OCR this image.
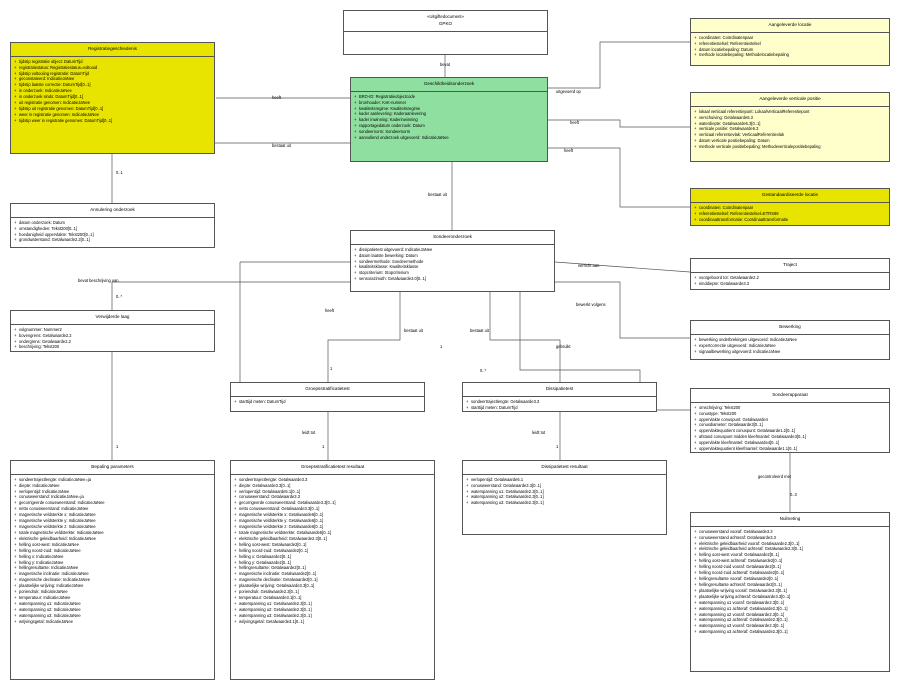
«Uitgiftedocument»
GPKO
Registratiegeschiedenis
+ tijdstip registratie object: DatumTijd
+ registratiestatus: Registratiestatus=voltooid
+ tijdstip voltooiing registratie: DatumTijd
+ geconstateerd: IndicatieJaNee
+ tijdstip laatste correctie: DatumTijd[0..1]
+ in onderzoek: IndicatieJaNee
+ in onderzoek sinds: DatumTijd[0..1]
+ uit registratie genomen: IndicatieJaNee
+ tijdstip uit registratie genomen: DatumTijd[0..1]
+ weer in registratie genomen: IndicatieJaNee
+ tijdstip weer in registratie genomen: DatumTijd[0..1]
Geschiktheidsonderzoek
+ BRO-ID: Registratieobjectcode
+ bronhouder: KvK-nummer
+ kwaliteitsregime: Kwaliteitsregime
+ kader aanlevering: Kaderaanlevering
+ kader inwinning: Kaderinwinning
+ rapportagedatum onderzoek: Datum
+ sondeernorm: Sondeernorm
+ aanvullend onderzoek uitgevoerd: IndicatieJaNee
Aangeleverde locatie
+ coordinaten: Coördinatenpaar
+ referentiestelsel: Referentiestelsel
+ datum locatiebepaling: Datum
+ methode locatiebepaling: Methodelocatiebepaling
Aangeleverde verticale positie
+ lokaal verticaal referentiepunt: LokaalVerticaalReferentiepunt
+ verschuiving: Getalwaarde6.3
+ waterdiepte: Getalwaarde6.3[0..1]
+ verticale positie: Getalwaarde6.3
+ verticaal referentievlak: VerticaalReferentievlak
+ datum verticale positiebepaling: Datum
+ methode verticale positiebepaling: Methodeverticalepositiebepaling
Gestandaardiseerde locatie
+ coordinaten: Coördinatenpaar
+ referentiestelsel: Referentiestelsel=ETRS89
+ coordinaattransformatie: Coördinaattransformatie
Annulering onderzoek
+ datum onderzoek: Datum
+ omstandigheden: Tekst200[0..1]
+ hoedanigheid oppervlakte: Tekst200[0..1]
+ grondwaterstand: Getalwaarde2.2[0..1]
Sondeeronderzoek
+ dissipatietest uitgevoerd: IndicatieJaNee
+ datum laatste bewerking: Datum
+ sondeermethode: Sondeermethode
+ kwaliteitsklasse: Kwaliteitsklasse
+ stopcriterium: Stopcriterium
+ sensorazimuth: Getalwaarde3.0[0..1]
Traject
+ voorgeboord tot: Getalwaarde2.2
+ einddiepte: Getalwaarde3.3
Bewerking
+ bewerking onderbrekingen uitgevoerd: IndicatieJaNee
+ expertcorrectie uitgevoerd: IndicatieJaNee
+ signaalbewerking uitgevoerd: IndicatieJaNee
Verwijderde laag
+ volgnummer: Nummer2
+ bovengrens: Getalwaarde2.2
+ ondergrens: Getalwaarde2.2
+ beschrijving: Tekst200
Groepsstratificatietest
+ starttijd meten: DatumTijd
Dissipatietest
+ sondeertrajectlengte: Getalwaarde3.3
+ starttijd meten: DatumTijd
Sondeerapparaat
+ omschrijving: Tekst200
+ conustype: Tekst200
+ oppervlakte conuspunt: Getalwaarde4
+ conusdiameter: Getalwaarde3[0..1]
+ oppervlaktequotient conuspunt: Getalwaarde1.2[0..1]
+ afstand conuspunt midden kleefmantel: Getalwaarde3[0..1]
+ oppervlakte kleefmantel: Getalwaarde4[0..1]
+ oppervlaktequotient kleefmantel: Getalwaarde1.1[0..1]
Bepaling parameters
+ sondeertrajectlengte: IndicatieJaNee=ja
+ diepte: IndicatieJaNee
+ verlopentijd: IndicatieJaNee
+ conusweerstand: IndicatieJaNee=ja
+ gecorrigeerde conusweerstand: IndicatieJaNee
+ netto conusweerstand: IndicatieJaNee
+ magnetische veldsterkte x: IndicatieJaNee
+ magnetische veldsterkte y: IndicatieJaNee
+ magnetische veldsterkte z: IndicatieJaNee
+ totale magnetische veldsterkte: IndicatieJaNee
+ elektrische geleidbaarheid: IndicatieJaNee
+ helling oost-west: IndicatieJaNee
+ helling noord-zuid: IndicatieJaNee
+ helling x: IndicatieJaNee
+ helling y: IndicatieJaNee
+ hellingresultante: IndicatieJaNee
+ magnetische inclinatie: IndicatieJaNee
+ magnetische declinatie: IndicatieJaNee
+ plaatselijke wrijving: IndicatieJaNee
+ poriendruk: IndicatieJaNee
+ temperatuur: IndicatieJaNee
+ waterspanning u1: IndicatieJaNee
+ waterspanning u2: IndicatieJaNee
+ waterspanning u3: IndicatieJaNee
+ wrijvingsgetal: IndicatieJaNee
Groepsstratificatietest resultaat
+ sondeertrajectlengte: Getalwaarde3.3
+ diepte: Getalwaarde3.3[0..1]
+ verlopentijd: Getalwaarde5.1[0..1]
+ conusweerstand: Getalwaarde3.3
+ gecorrigeerde conusweerstand: Getalwaarde3.3[0..1]
+ netto conusweerstand: Getalwaarde3.3[0..1]
+ magnetische veldsterkte x: Getalwaarde6[0..1]
+ magnetische veldsterkte y: Getalwaarde6[0..1]
+ magnetische veldsterkte z: Getalwaarde6[0..1]
+ totale magnetische veldsterkte: Getalwaarde6[0..1]
+ elektrische geleidbaarheid: Getalwaarde2.3[0..1]
+ helling oost-west: Getalwaarde2[0..1]
+ helling noord-zuid: Getalwaarde2[0..1]
+ helling x: Getalwaarde2[0..1]
+ helling y: Getalwaarde2[0..1]
+ hellingresultante: Getalwaarde2[0..1]
+ magnetische inclinatie: Getalwaarde2[0..1]
+ magnetische declinatie: Getalwaarde2[0..1]
+ plaatselijke wrijving: Getalwaarde3.3[0..1]
+ poriendruk: Getalwaarde2.3[0..1]
+ temperatuur: Getalwaarde3.1[0..1]
+ waterspanning u1: Getalwaarde2.3[0..1]
+ waterspanning u2: Getalwaarde2.3[0..1]
+ waterspanning u3: Getalwaarde2.3[0..1]
+ wrijvingsgetal: Getalwaarde3.1[0..1]
Dissipatietest resultaat
+ verlopentijd: Getalwaarde5.1
+ conusweerstand: Getalwaarde3.3[0..1]
+ waterspanning u1: Getalwaarde2.3[0..1]
+ waterspanning u2: Getalwaarde2.3[0..1]
+ waterspanning u3: Getalwaarde2.3[0..1]
Nulmeting
+ conusweerstand vooraf: Getalwaarde3.3
+ conusweerstand achteraf: Getalwaarde3.3
+ elektrische geleidbaarheid vooraf: Getalwaarde2.3[0..1]
+ elektrische geleidbaarheid achteraf: Getalwaarde2.3[0..1]
+ helling oost-west vooraf: Getalwaarde2[0..1]
+ helling oost-west achteraf: Getalwaarde2[0..1]
+ helling noord-zuid vooraf: Getalwaarde2[0..1]
+ helling noord-zuid achteraf: Getalwaarde2[0..1]
+ hellingresultante vooraf: Getalwaarde2[0..1]
+ hellingresultante achteraf: Getalwaarde2[0..1]
+ plaatselijke wrijving vooraf: Getalwaarde3.3[0..1]
+ plaatselijke wrijving achteraf: Getalwaarde3.3[0..1]
+ waterspanning u1 vooraf: Getalwaarde2.3[0..1]
+ waterspanning u1 achteraf: Getalwaarde2.3[0..1]
+ waterspanning u2 vooraf: Getalwaarde2.3[0..1]
+ waterspanning u2 achteraf: Getalwaarde2.3[0..1]
+ waterspanning u3 vooraf: Getalwaarde2.3[0..1]
+ waterspanning u3 achteraf: Getalwaarde2.3[0..1]
bevat
heeft
uitgevoerd op
heeft
heeft
bestaat uit
0..1
bestaat uit
verricht aan
bevat beschrijving van
0..*
bewerkt volgens
heeft
bestaat uit	bestaat uit
gebruikt
1
0..*
1
leidt tot	leidt tot
1	1	1
gecontroleerd met
0..3
